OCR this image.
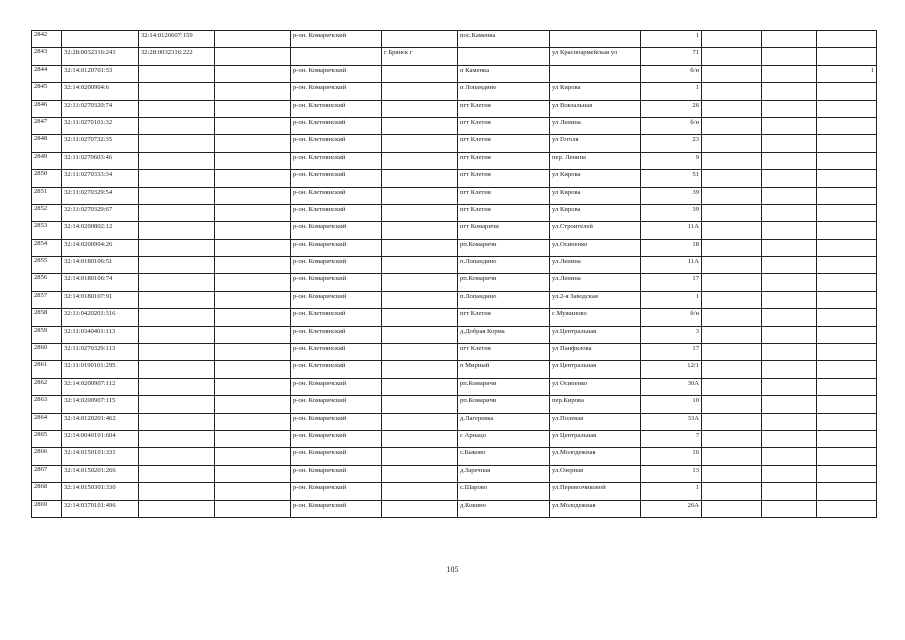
2842		32:14:0120607:159		р-он. Комаричский		пос.Каменка		1			
2843	32:28:0032316:241	32:28:0032316:222			г Брянск г		ул Красноармейская ул	71			
2844	32:14:0120701:53			р-он. Комаричский		п Каменка		б/н			1
2845	32:14:0200904:6			р-он. Комаричский		п Лопандино	ул Кирова	1			
2846	32:11:0270320:74			р-он. Клетнянский		пгт Клетня	ул Вокзальная	26			
2847	32:11:0270101:32			р-он. Клетнянский		пгт Клетня	ул Ленина	б/н			
2848	32:11:0270732:35			р-он. Клетнянский		пгт Клетня	ул Гоголя	23			
2849	32:11:0270603:46			р-он. Клетнянский		пгт Клетня	пер. Ленина	9			
2850	32:11:0270333:34			р-он. Клетнянский		пгт Клетня	ул Кирова	51			
2851	32:11:0270329:54			р-он. Клетнянский		пгт Клетня	ул Кирова	39			
2852	32:11:0270329:67			р-он. Клетнянский		пгт Клетня	ул Кирова	39			
2853	32:14:0200802:12			р-он. Комаричский		пгт Комаричи	ул.Строителей	11А			
2854	32:14:0200904:26			р-он. Комаричский		рп.Комаричи	ул.Осипенко	18			
2855	32:14:0180106:51			р-он. Комаричский		п.Лопандино	ул.Ленина	11А			
2856	32:14:0180106:74			р-он. Комаричский		рп.Комаричи	ул.Ленина	17			
2857	32:14:0180107:91			р-он. Комаричский		п.Лопандино	ул.2-я Заводская	1			
2858	32:11:0420201:316			р-он. Клетнянский		пгт Клетня	с Мужиново	б/н			
2859	32:11:0340401:113			р-он. Клетнянский		д.Добрая Корма	ул.Центральная	3			
2860	32:11:0270329:113			р-он. Клетнянский		пгт Клетня	ул Панфилова	17			
2861	32:11:0190101:295			р-он. Клетнянский		п Мирный	ул Центральная	12/1			
2862	32:14:0200907:112			р-он. Комаричский		рп.Комаричи	ул Осипенко	30А			
2863	32:14:0200907:115			р-он. Комаричский		рп.Комаричи	пер.Кирова	10			
2864	32:14:0120201:462			р-он. Комаричский		д.Лагеревка	ул.Полевая	33А			
2865	32:14:0040101:604			р-он. Комаричский		с Арнацо	ул Центральная	7			
2866	32:14:0150101:331			р-он. Комаричский		с.Быково	ул.Молодежная	16			
2867	32:14:0150201:266			р-он. Комаричский		д.Заречная	ул.Озерная	13			
2868	32:14:0150301:330			р-он. Комаричский		с.Шарово	ул.Перевозчиковой	1			
2869	32:14:0370101:496			р-он. Комаричский		д.Кокино	ул.Молодежная	26А			
105
